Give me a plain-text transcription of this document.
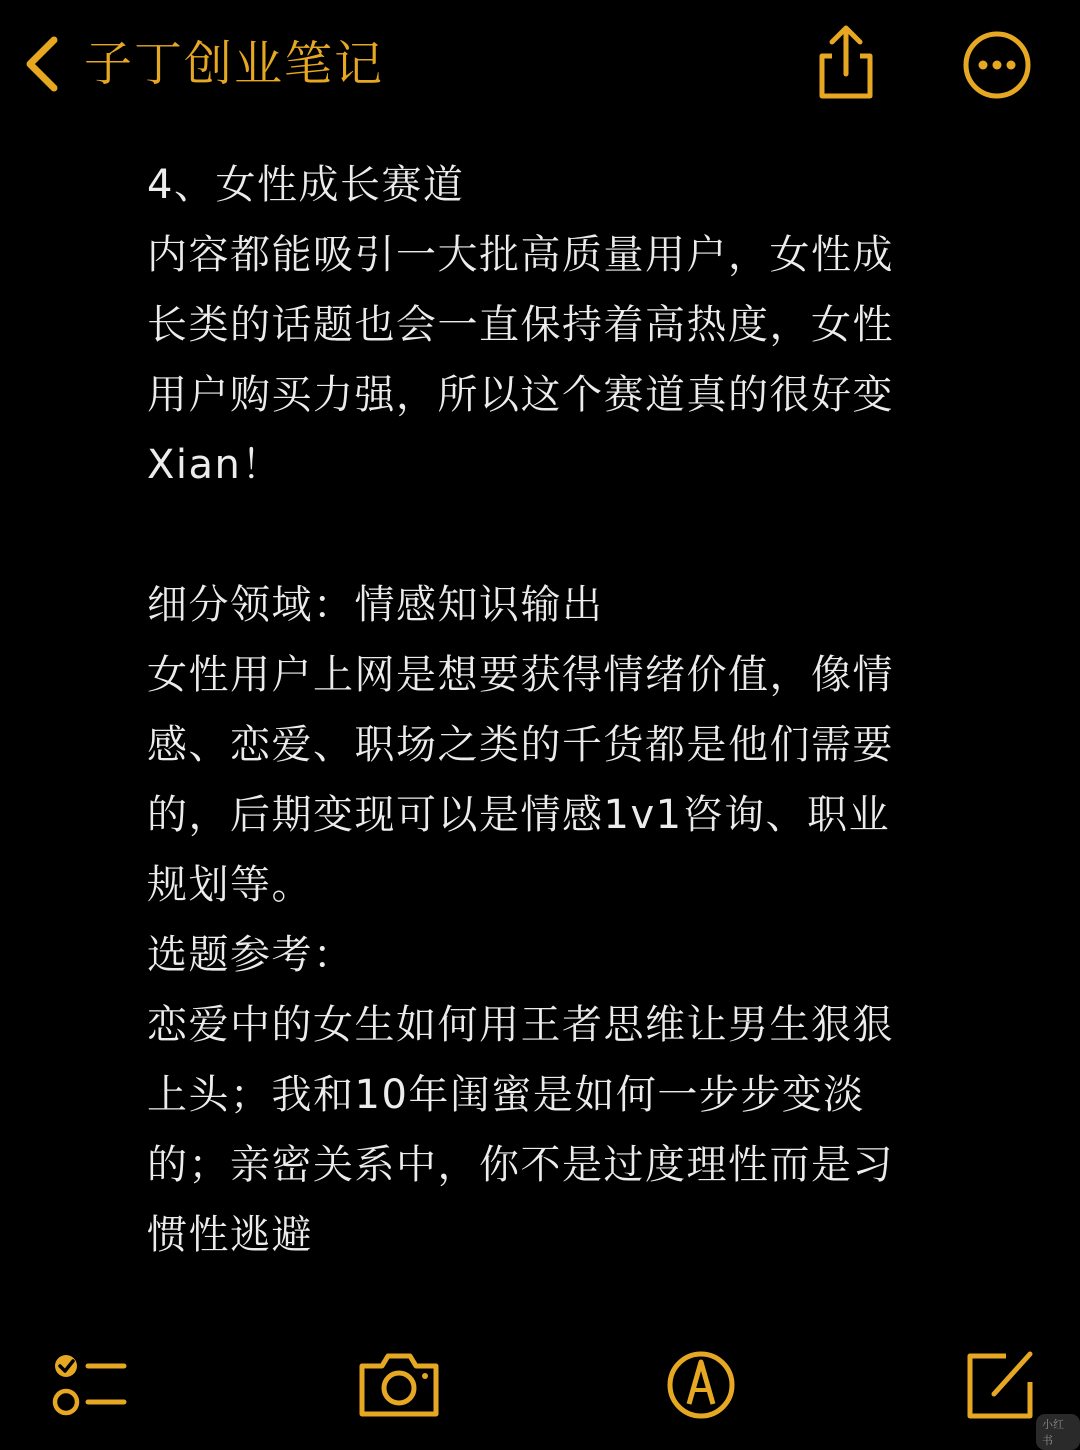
子丁创业笔记

4、女性成长赛道

内容都能吸引一大批高质量用户，女性成

长类的话题也会一直保持着高热度，女性

用户购买力强，所以这个赛道真的很好变

Xian！

细分领域：情感知识输出

女性用户上网是想要获得情绪价值，像情

感、恋爱、职场之类的千货都是他们需要

的，后期变现可以是情感1v1咨询、职业

规划等。

选题参考：

恋爱中的女生如何用王者思维让男生狠狠

上头；我和10年闺蜜是如何一步步变淡

的；亲密关系中，你不是过度理性而是习

惯性逃避

小红书
